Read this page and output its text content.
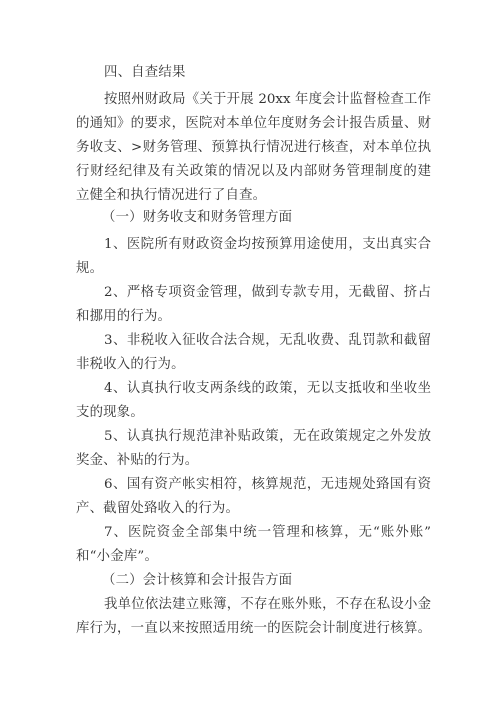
四、自查结果
按照州财政局《关于开展 20xx 年度会计监督检查工作
的通知》的要求，医院对本单位年度财务会计报告质量、财
务收支、>财务管理、预算执行情况进行核查，对本单位执
行财经纪律及有关政策的情况以及内部财务管理制度的建
立健全和执行情况进行了自查。
（一）财务收支和财务管理方面
1、医院所有财政资金均按预算用途使用，支出真实合
规。
2、严格专项资金管理，做到专款专用，无截留、挤占
和挪用的行为。
3、非税收入征收合法合规，无乱收费、乱罚款和截留
非税收入的行为。
4、认真执行收支两条线的政策，无以支抵收和坐收坐
支的现象。
5、认真执行规范津补贴政策，无在政策规定之外发放
奖金、补贴的行为。
6、国有资产帐实相符，核算规范，无违规处臵国有资
产、截留处臵收入的行为。
7、医院资金全部集中统一管理和核算，无“账外账”
和“小金库”。
（二）会计核算和会计报告方面
我单位依法建立账簿，不存在账外账，不存在私设小金
库行为，一直以来按照适用统一的医院会计制度进行核算。
